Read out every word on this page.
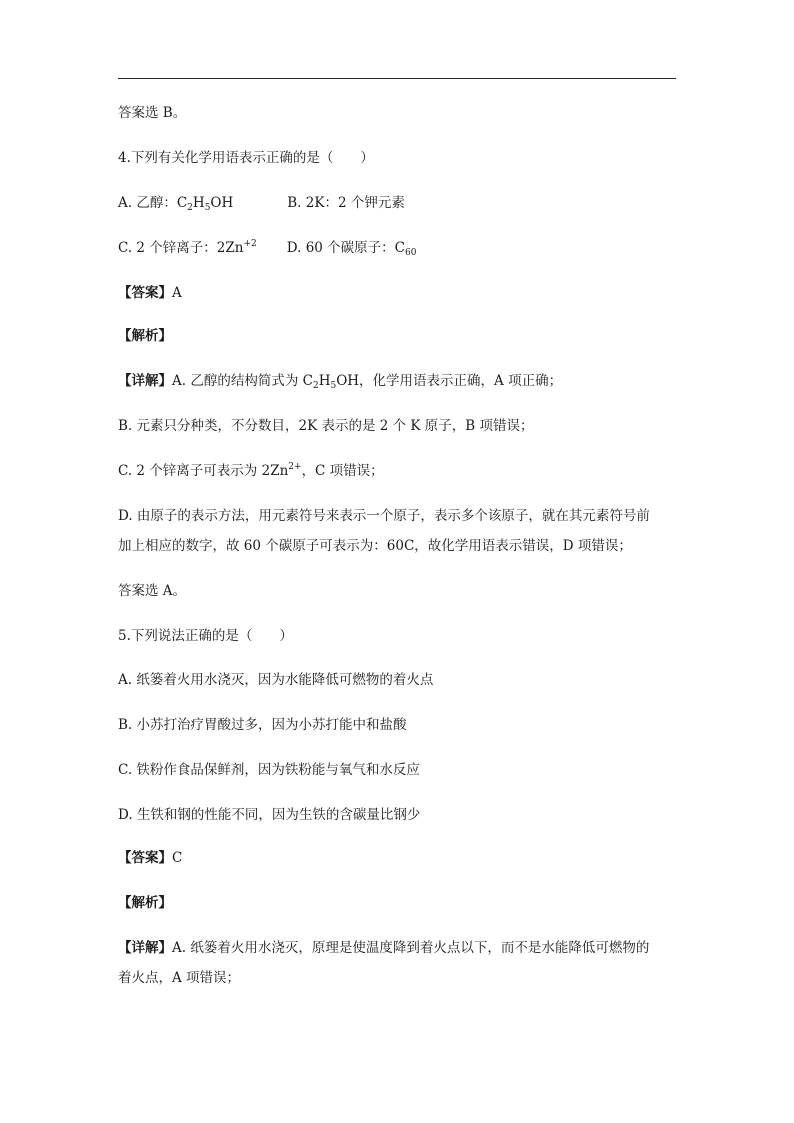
答案选 B。
4.下列有关化学用语表示正确的是（　　）
A. 乙醇：$C_2H_5OH$	B. 2K：2 个钾元素
C. 2 个锌离子：$2Zn^{+2}$ D. 60 个碳原子：$C_{60}$
【答案】A
【解析】
【详解】A. 乙醇的结构简式为 $C_2H_5OH$，化学用语表示正确，A 项正确；
B. 元素只分种类，不分数目，2K 表示的是 2 个 K 原子，B 项错误；
C. 2 个锌离子可表示为 $2Zn^{2+}$，C 项错误；
D. 由原子的表示方法，用元素符号来表示一个原子，表示多个该原子，就在其元素符号前
加上相应的数字，故 60 个碳原子可表示为：60C，故化学用语表示错误，D 项错误；
答案选 A。
5.下列说法正确的是（　　）
A. 纸篓着火用水浇灭，因为水能降低可燃物的着火点
B. 小苏打治疗胃酸过多，因为小苏打能中和盐酸
C. 铁粉作食品保鲜剂，因为铁粉能与氧气和水反应
D. 生铁和钢的性能不同，因为生铁的含碳量比钢少
【答案】C
【解析】
【详解】A. 纸篓着火用水浇灭，原理是使温度降到着火点以下，而不是水能降低可燃物的
着火点，A 项错误；
